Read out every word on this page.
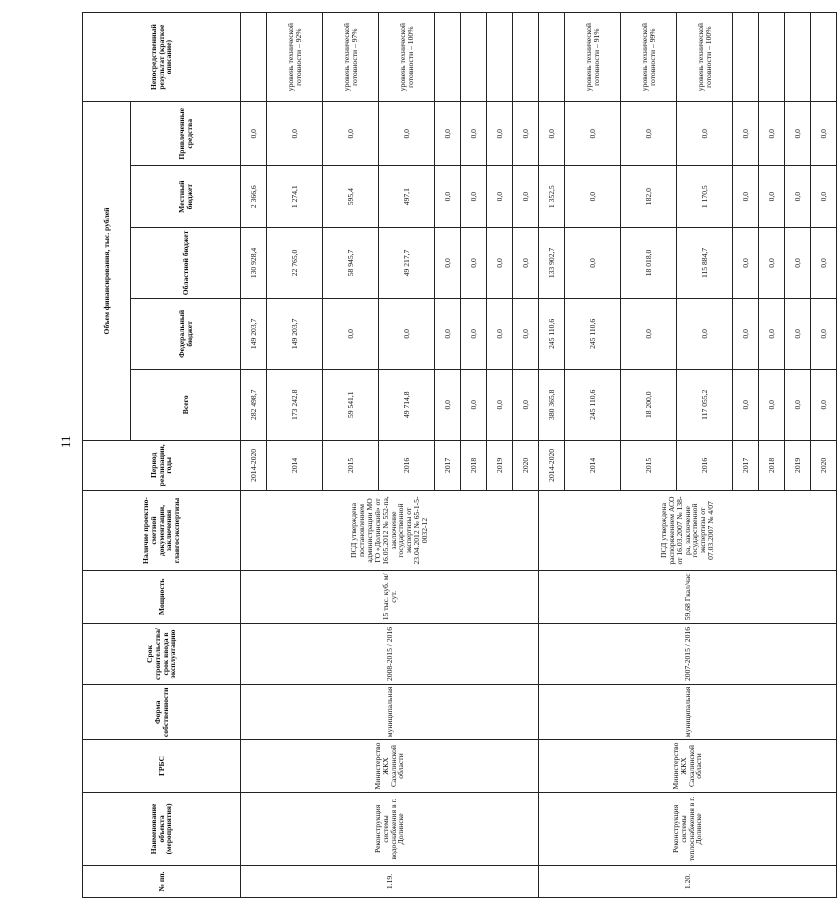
11
№ пп.	Наименование объекта (мероприятия)	ГРБС	Форма собственности	Срок строительства/ срок ввода в эксплуатацию	Мощность	Наличие проектно-сметной документации, заключения главгосэкспертизы	Период реализации, годы	Объем финансирования, тыс. рублей					Непосредственный результат (краткое описание)
								Всего	Федеральный бюджет	Областной бюджет	Местный бюджет	Привлеченные средства	
1.19.	Реконструкция системы водоснабжения в г. Долинске	Министерство ЖКХ Сахалинской области	муниципальная	2008-2015 / 2016	15 тыс. куб. м/сут.	ПСД утверждена постановлением администрации МО ГО «Долинский» от 16.05.2012 № 552-па, заключение государственной экспертизы от 23.04.2012 № 65-1-5-0032-12	2014-2020	282 498,7	149 203,7	130 928,4	2 366,6	0,0	
							2014	173 242,8	149 203,7	22 765,0	1 274,1	0,0	уровень технической готовности – 92%
							2015	59 541,1	0,0	58 945,7	595,4	0,0	уровень технической готовности – 97%
							2016	49 714,8	0,0	49 217,7	497,1	0,0	уровень технической готовности – 100%
							2017	0,0	0,0	0,0	0,0	0,0	
							2018	0,0	0,0	0,0	0,0	0,0	
							2019	0,0	0,0	0,0	0,0	0,0	
							2020	0,0	0,0	0,0	0,0	0,0	
1.20.	Реконструкция системы теплоснабжения в г. Долинске	Министерство ЖКХ Сахалинской области	муниципальная	2007-2015 / 2016	59,68 Гкал/час	ПСД утверждена распоряжением АСО от 16.03.2007 № 138-ра, заключение государственной экспертизы от 07.03.2007 № 4/07	2014-2020	380 365,8	245 110,6	133 902,7	1 352,5	0,0	
							2014	245 110,6	245 110,6	0,0	0,0	0,0	уровень технической готовности – 91%
							2015	18 200,0	0,0	18 018,0	182,0	0,0	уровень технической готовности – 99%
							2016	117 055,2	0,0	115 884,7	1 170,5	0,0	уровень технической готовности – 100%
							2017	0,0	0,0	0,0	0,0	0,0	
							2018	0,0	0,0	0,0	0,0	0,0	
							2019	0,0	0,0	0,0	0,0	0,0	
							2020	0,0	0,0	0,0	0,0	0,0	
